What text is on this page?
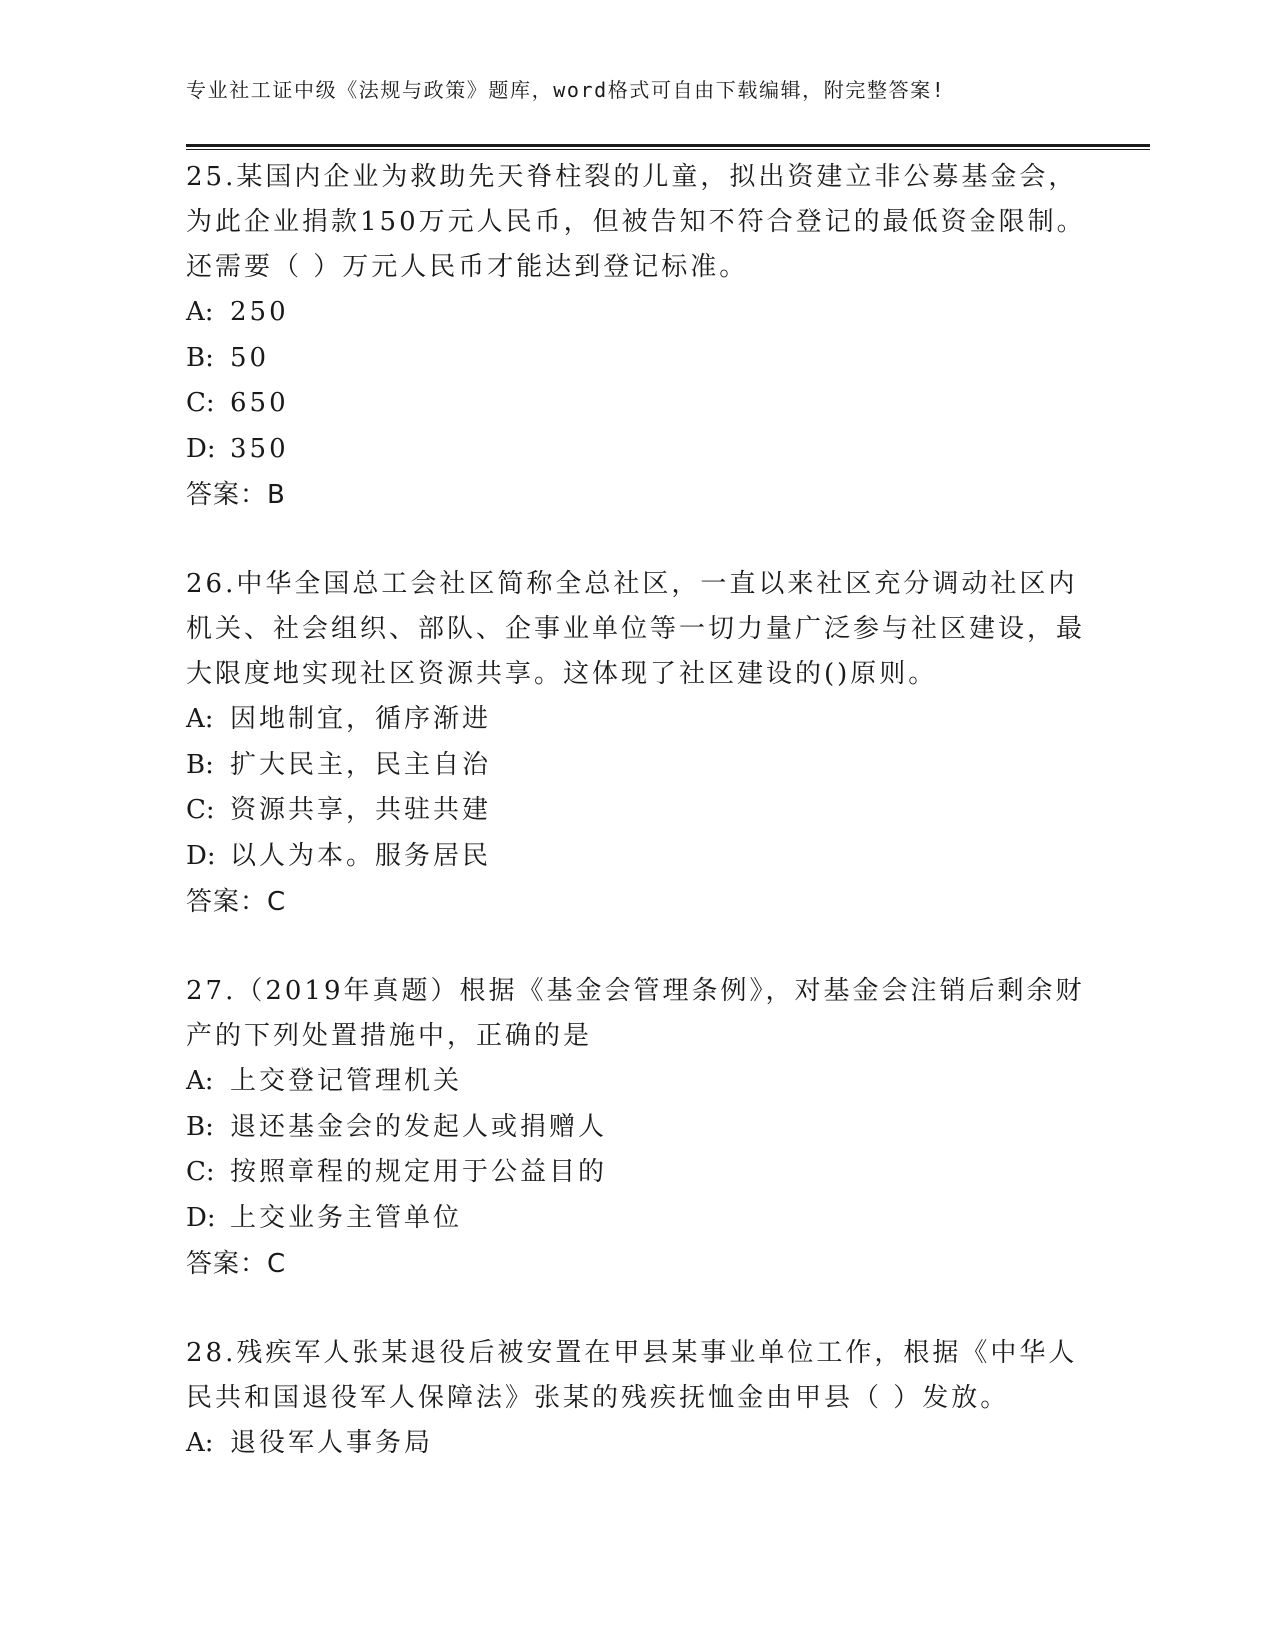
专业社工证中级《法规与政策》题库，word格式可自由下载编辑，附完整答案!

25.某国内企业为救助先天脊柱裂的儿童，拟出资建立非公募基金会，为此企业捐款150万元人民币，但被告知不符合登记的最低资金限制。还需要（ ）万元人民币才能达到登记标准。

A: 250

B: 50

C: 650

D: 350

答案：B

26.中华全国总工会社区简称全总社区，一直以来社区充分调动社区内机关、社会组织、部队、企事业单位等一切力量广泛参与社区建设，最大限度地实现社区资源共享。这体现了社区建设的()原则。

A: 因地制宜，循序渐进

B: 扩大民主，民主自治

C: 资源共享，共驻共建

D: 以人为本。服务居民

答案：C

27.（2019年真题）根据《基金会管理条例》，对基金会注销后剩余财产的下列处置措施中，正确的是

A: 上交登记管理机关

B: 退还基金会的发起人或捐赠人

C: 按照章程的规定用于公益目的

D: 上交业务主管单位

答案：C

28.残疾军人张某退役后被安置在甲县某事业单位工作，根据《中华人民共和国退役军人保障法》张某的残疾抚恤金由甲县（ ）发放。

A: 退役军人事务局
